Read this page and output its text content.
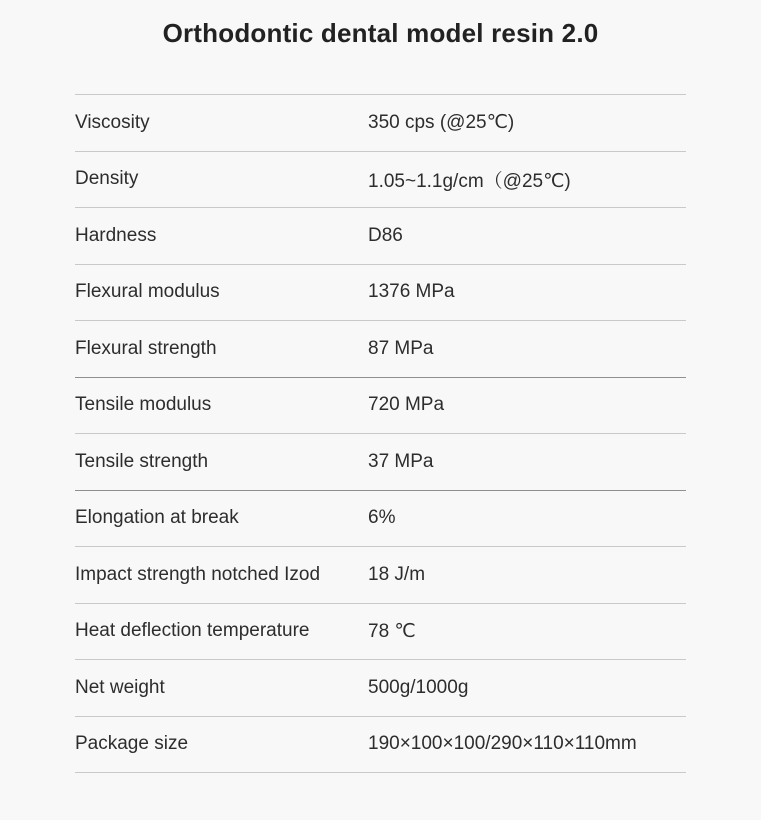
Orthodontic dental model resin 2.0
Viscosity	350 cps (@25℃)
Density	1.05~1.1g/cm（@25℃)
Hardness	D86
Flexural modulus	1376 MPa
Flexural strength	87 MPa
Tensile modulus	720 MPa
Tensile strength	37 MPa
Elongation at break	6%
Impact strength notched Izod	18 J/m
Heat deflection temperature	78 ℃
Net weight	500g/1000g
Package size	190×100×100/290×110×110mm
